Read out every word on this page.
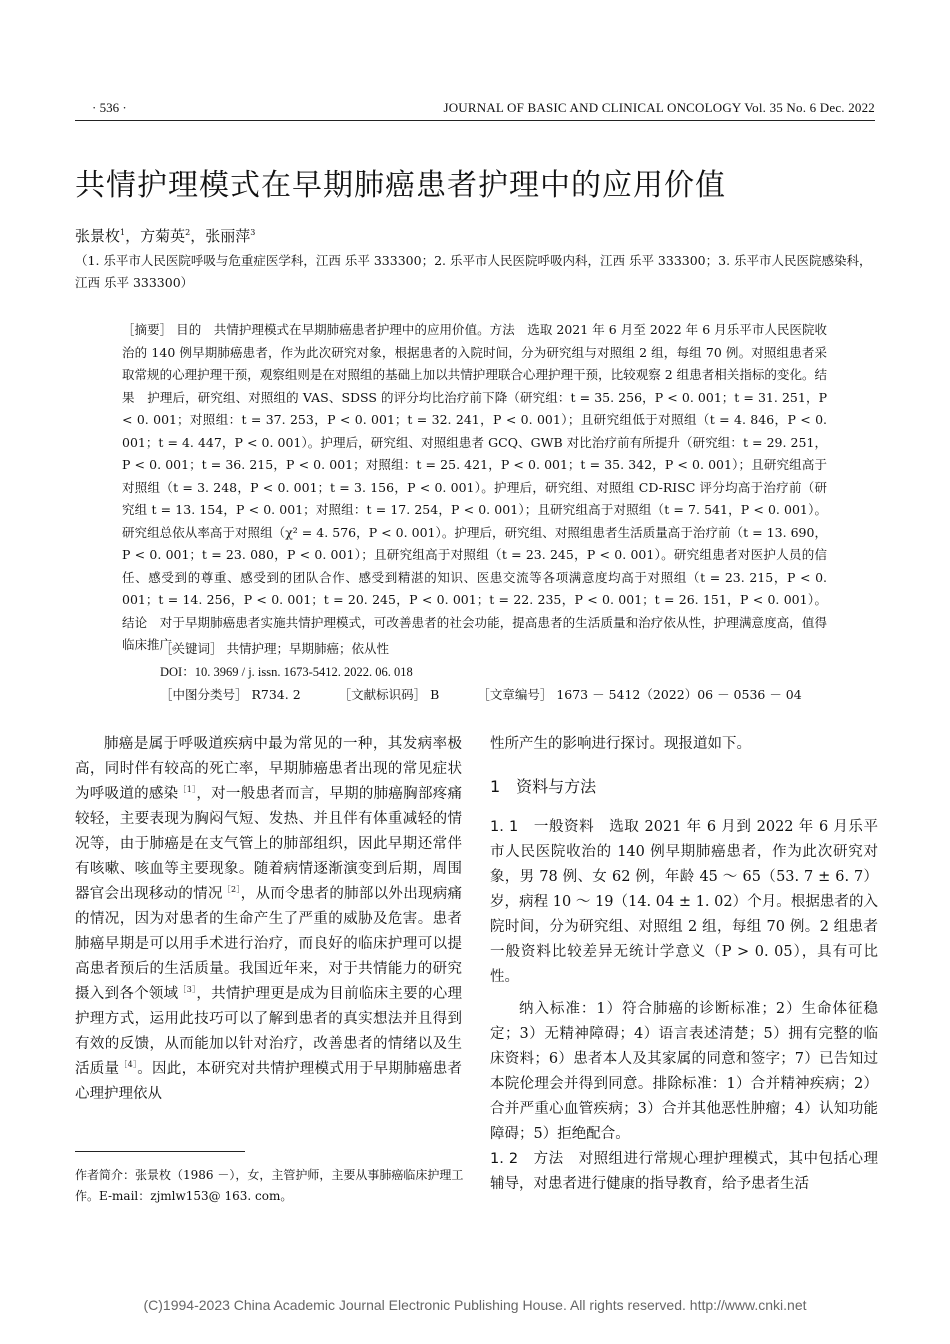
· 536 ·	JOURNAL OF BASIC AND CLINICAL ONCOLOGY Vol. 35 No. 6 Dec. 2022
共情护理模式在早期肺癌患者护理中的应用价值
张景枚$^1$，方菊英$^2$，张丽萍$^3$
（1. 乐平市人民医院呼吸与危重症医学科，江西 乐平 333300；2. 乐平市人民医院呼吸内科，江西 乐平 333300；3. 乐平市人民医院感染科，江西 乐平 333300）
［摘要］ 目的　共情护理模式在早期肺癌患者护理中的应用价值。方法　选取 2021 年 6 月至 2022 年 6 月乐平市人民医院收治的 140 例早期肺癌患者，作为此次研究对象，根据患者的入院时间，分为研究组与对照组 2 组，每组 70 例。对照组患者采取常规的心理护理干预，观察组则是在对照组的基础上加以共情护理联合心理护理干预，比较观察 2 组患者相关指标的变化。结果　护理后，研究组、对照组的 VAS、SDSS 的评分均比治疗前下降（研究组：t = 35. 256，P < 0. 001；t = 31. 251，P < 0. 001；对照组：t = 37. 253，P < 0. 001；t = 32. 241，P < 0. 001）；且研究组低于对照组（t = 4. 846，P < 0. 001；t = 4. 447，P < 0. 001）。护理后，研究组、对照组患者 GCQ、GWB 对比治疗前有所提升（研究组：t = 29. 251，P < 0. 001；t = 36. 215，P < 0. 001；对照组：t = 25. 421，P < 0. 001；t = 35. 342，P < 0. 001）；且研究组高于对照组（t = 3. 248，P < 0. 001；t = 3. 156，P < 0. 001）。护理后，研究组、对照组 CD-RISC 评分均高于治疗前（研究组 t = 13. 154，P < 0. 001；对照组：t = 17. 254，P < 0. 001）；且研究组高于对照组（t = 7. 541，P < 0. 001）。研究组总依从率高于对照组（χ² = 4. 576，P < 0. 001）。护理后，研究组、对照组患者生活质量高于治疗前（t = 13. 690，P < 0. 001；t = 23. 080，P < 0. 001）；且研究组高于对照组（t = 23. 245，P < 0. 001）。研究组患者对医护人员的信任、感受到的尊重、感受到的团队合作、感受到精湛的知识、医患交流等各项满意度均高于对照组（t = 23. 215，P < 0. 001；t = 14. 256，P < 0. 001；t = 20. 245，P < 0. 001；t = 22. 235，P < 0. 001；t = 26. 151，P < 0. 001）。结论　对于早期肺癌患者实施共情护理模式，可改善患者的社会功能，提高患者的生活质量和治疗依从性，护理满意度高，值得临床推广。
［关键词］ 共情护理；早期肺癌；依从性
DOI：10. 3969 / j. issn. 1673-5412. 2022. 06. 018
［中图分类号］ R734. 2	［文献标识码］ B	［文章编号］ 1673 － 5412（2022）06 － 0536 － 04

肺癌是属于呼吸道疾病中最为常见的一种，其发病率极高，同时伴有较高的死亡率，早期肺癌患者出现的常见症状为呼吸道的感染$^{[1]}$，对一般患者而言，早期的肺癌胸部疼痛较轻，主要表现为胸闷气短、发热、并且伴有体重减轻的情况等，由于肺癌是在支气管上的肺部组织，因此早期还常伴有咳嗽、咳血等主要现象。随着病情逐渐演变到后期，周围器官会出现移动的情况$^{[2]}$，从而令患者的肺部以外出现病痛的情况，因为对患者的生命产生了严重的威胁及危害。患者肺癌早期是可以用手术进行治疗，而良好的临床护理可以提高患者预后的生活质量。我国近年来，对于共情能力的研究摄入到各个领域$^{[3]}$，共情护理更是成为目前临床主要的心理护理方式，运用此技巧可以了解到患者的真实想法并且得到有效的反馈，从而能加以针对治疗，改善患者的情绪以及生活质量$^{[4]}$。因此，本研究对共情护理模式用于早期肺癌患者心理护理依从

作者简介：张景枚（1986 －），女，主管护师，主要从事肺癌临床护理工作。E-mail：zjmlw153@ 163. com。

性所产生的影响进行探讨。现报道如下。

1　资料与方法

1. 1　一般资料　选取 2021 年 6 月到 2022 年 6 月乐平市人民医院收治的 140 例早期肺癌患者，作为此次研究对象，男 78 例、女 62 例，年龄 45 ～ 65（53. 7 ± 6. 7）岁，病程 10 ～ 19（14. 04 ± 1. 02）个月。根据患者的入院时间，分为研究组、对照组 2 组，每组 70 例。2 组患者一般资料比较差异无统计学意义（P > 0. 05），具有可比性。

纳入标准：1）符合肺癌的诊断标准；2）生命体征稳定；3）无精神障碍；4）语言表述清楚；5）拥有完整的临床资料；6）患者本人及其家属的同意和签字；7）已告知过本院伦理会并得到同意。排除标准：1）合并精神疾病；2）合并严重心血管疾病；3）合并其他恶性肿瘤；4）认知功能障碍；5）拒绝配合。

1. 2　方法　对照组进行常规心理护理模式，其中包括心理辅导，对患者进行健康的指导教育，给予患者生活

(C)1994-2023 China Academic Journal Electronic Publishing House. All rights reserved. http://www.cnki.net
